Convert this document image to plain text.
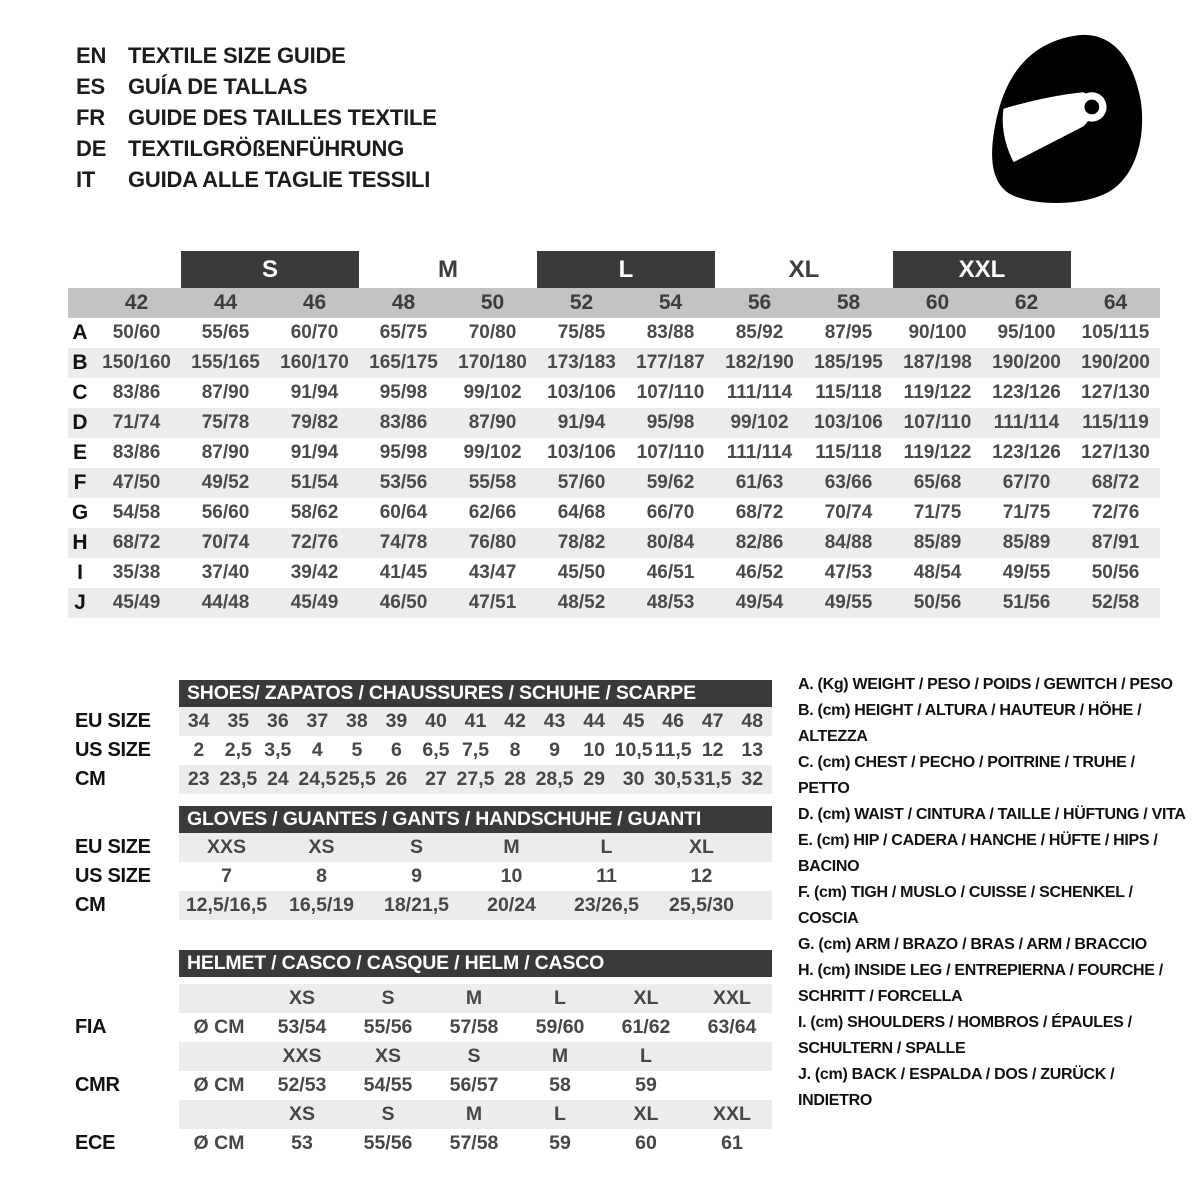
EN TEXTILE SIZE GUIDE
ES	GUÍA DE TALLAS
FR	GUIDE DES TAILLES TEXTILE
DE TEXTILGRÖßENFÜHRUNG
IT	GUIDA ALLE TAGLIE TESSILI
S	M	L	XL	XXL
42	44	46	48	50	52	54	56	58	60	62	64
A	50/60	55/65	60/70	65/75	70/80	75/85	83/88	85/92	87/95	90/100	95/100	105/115
B 150/160	155/165	160/170	165/175	170/180	173/183	177/187	182/190	185/195	187/198	190/200	190/200
C	83/86	87/90	91/94	95/98	99/102	103/106	107/110	111/114	115/118	119/122	123/126	127/130
D	71/74	75/78	79/82	83/86	87/90	91/94	95/98	99/102	103/106	107/110	111/114	115/119
E	83/86	87/90	91/94	95/98	99/102	103/106	107/110	111/114	115/118	119/122	123/126	127/130
F	47/50	49/52	51/54	53/56	55/58	57/60	59/62	61/63	63/66	65/68	67/70	68/72
G	54/58	56/60	58/62	60/64	62/66	64/68	66/70	68/72	70/74	71/75	71/75	72/76
H	68/72	70/74	72/76	74/78	76/80	78/82	80/84	82/86	84/88	85/89	85/89	87/91
I	35/38	37/40	39/42	41/45	43/47	45/50	46/51	46/52	47/53	48/54	49/55	50/56
J	45/49	44/48	45/49	46/50	47/51	48/52	48/53	49/54	49/55	50/56	51/56	52/58
SHOES/ ZAPATOS / CHAUSSURES / SCHUHE / SCARPE
EU SIZE	34 35 36 37 38 39 40 41 42 43 44 45 46 47 48
US SIZE	2	2,5 3,5	4	5	6	6,5 7,5	8	9	10 10,5 11,5 12 13
CM	23 23,5 24 24,5 25,5 26 27 27,5 28 28,5 29 30 30,5 31,5 32
GLOVES / GUANTES / GANTS / HANDSCHUHE / GUANTI
EU SIZE	XXS	XS	S	M	L	XL
US SIZE	7	8	9	10	11	12
CM	12,5/16,5	16,5/19	18/21,5	20/24	23/26,5	25,5/30
HELMET / CASCO / CASQUE / HELM / CASCO
XS	S	M	L	XL	XXL
FIA	Ø CM	53/54	55/56	57/58	59/60	61/62	63/64
XXS	XS	S	M	L
CMR	Ø CM	52/53	54/55	56/57	58	59
XS	S	M	L	XL	XXL
ECE	Ø CM	53	55/56	57/58	59	60	61
A. (Kg) WEIGHT / PESO / POIDS / GEWITCH / PESO
B. (cm) HEIGHT / ALTURA / HAUTEUR / HÖHE / ALTEZZA
C. (cm) CHEST / PECHO / POITRINE / TRUHE / PETTO
D. (cm) WAIST / CINTURA / TAILLE / HÜFTUNG / VITA
E. (cm) HIP / CADERA / HANCHE / HÜFTE / HIPS / BACINO
F. (cm) TIGH / MUSLO / CUISSE / SCHENKEL / COSCIA
G. (cm) ARM / BRAZO / BRAS / ARM / BRACCIO
H. (cm) INSIDE LEG / ENTREPIERNA / FOURCHE / SCHRITT / FORCELLA
I. (cm) SHOULDERS / HOMBROS / ÉPAULES / SCHULTERN / SPALLE
J. (cm) BACK / ESPALDA / DOS / ZURÜCK / INDIETRO
